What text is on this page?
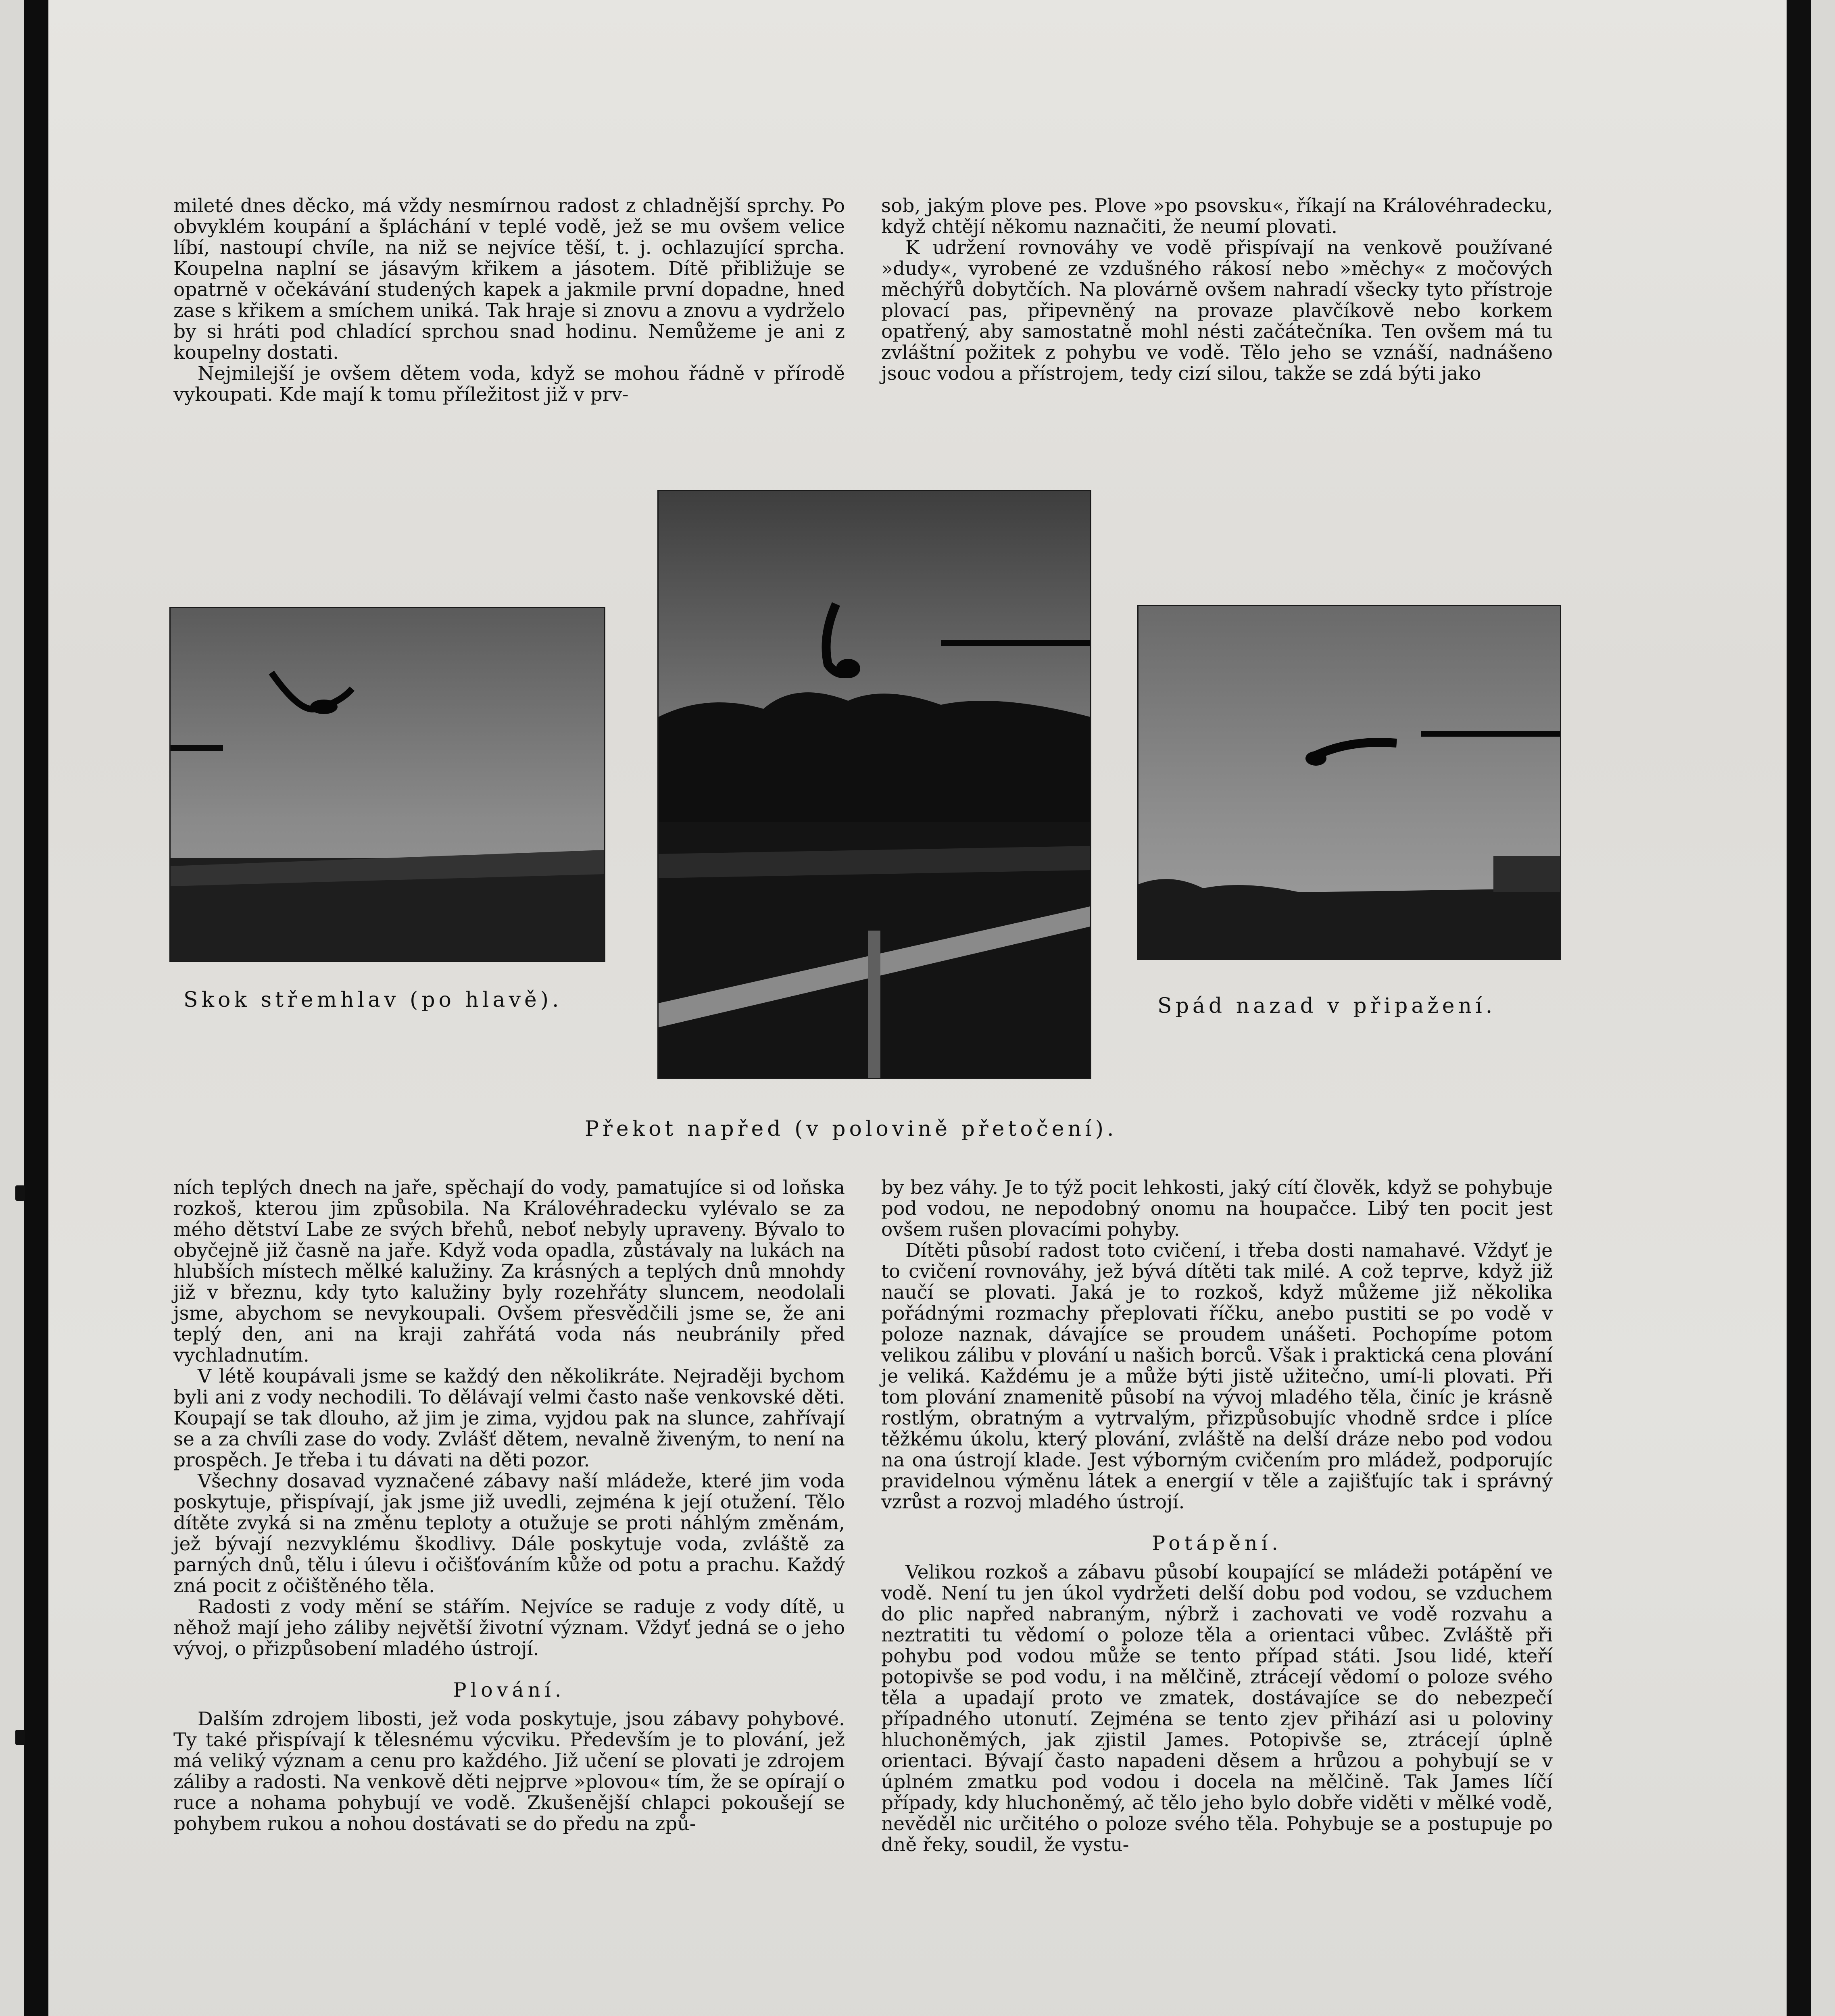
mileté dnes děcko, má vždy nesmírnou radost z chladnější sprchy. Po obvyklém koupání a špláchání v teplé vodě, jež se mu ovšem velice líbí, nastoupí chvíle, na niž se nejvíce těší, t. j. ochlazující sprcha. Koupelna naplní se jásavým křikem a jásotem. Dítě přibližuje se opatrně v očekávání studených kapek a jakmile první dopadne, hned zase s křikem a smíchem uniká. Tak hraje si znovu a znovu a vydrželo by si hráti pod chladící sprchou snad hodinu. Nemůžeme je ani z koupelny dostati.

Nejmilejší je ovšem dětem voda, když se mohou řádně v přírodě vykoupati. Kde mají k tomu příležitost již v prv-

sob, jakým plove pes. Plove »po psovsku«, říkají na Královéhradecku, když chtějí někomu naznačiti, že neumí plovati.

K udržení rovnováhy ve vodě přispívají na venkově používané »dudy«, vyrobené ze vzdušného rákosí nebo »měchy« z močových měchýřů dobytčích. Na plovárně ovšem nahradí všecky tyto přístroje plovací pas, připevněný na provaze plavčíkově nebo korkem opatřený, aby samostatně mohl nésti začátečníka. Ten ovšem má tu zvláštní požitek z pohybu ve vodě. Tělo jeho se vznáší, nadnášeno jsouc vodou a přístrojem, tedy cizí silou, takže se zdá býti jako

Skok střemhlav (po hlavě).	Spád nazad v připažení.
Překot napřed (v polovině přetočení).

ních teplých dnech na jaře, spěchají do vody, pamatujíce si od loňska rozkoš, kterou jim způsobila. Na Královéhradecku vylévalo se za mého dětství Labe ze svých břehů, neboť nebyly upraveny. Bývalo to obyčejně již časně na jaře. Když voda opadla, zůstávaly na lukách na hlubších místech mělké kalužiny. Za krásných a teplých dnů mnohdy již v březnu, kdy tyto kalužiny byly rozehřáty sluncem, neodolali jsme, abychom se nevykoupali. Ovšem přesvědčili jsme se, že ani teplý den, ani na kraji zahřátá voda nás neubránily před vychladnutím.

V létě koupávali jsme se každý den několikráte. Nejraději bychom byli ani z vody nechodili. To dělávají velmi často naše venkovské děti. Koupají se tak dlouho, až jim je zima, vyjdou pak na slunce, zahřívají se a za chvíli zase do vody. Zvlášť dětem, nevalně živeným, to není na prospěch. Je třeba i tu dávati na děti pozor.

Všechny dosavad vyznačené zábavy naší mládeže, které jim voda poskytuje, přispívají, jak jsme již uvedli, zejména k její otužení. Tělo dítěte zvyká si na změnu teploty a otužuje se proti náhlým změnám, jež bývají nezvyklému škodlivy. Dále poskytuje voda, zvláště za parných dnů, tělu i úlevu i očišťováním kůže od potu a prachu. Každý zná pocit z očištěného těla.

Radosti z vody mění se stářím. Nejvíce se raduje z vody dítě, u něhož mají jeho záliby největší životní význam. Vždyť jedná se o jeho vývoj, o přizpůsobení mladého ústrojí.

Plování.

Dalším zdrojem libosti, jež voda poskytuje, jsou zábavy pohybové. Ty také přispívají k tělesnému výcviku. Především je to plování, jež má veliký význam a cenu pro každého. Již učení se plovati je zdrojem záliby a radosti. Na venkově děti nejprve »plovou« tím, že se opírají o ruce a nohama pohybují ve vodě. Zkušenější chlapci pokoušejí se pohybem rukou a nohou dostávati se do předu na způ-

by bez váhy. Je to týž pocit lehkosti, jaký cítí člověk, když se pohybuje pod vodou, ne nepodobný onomu na houpačce. Libý ten pocit jest ovšem rušen plovacími pohyby.

Dítěti působí radost toto cvičení, i třeba dosti namahavé. Vždyť je to cvičení rovnováhy, jež bývá dítěti tak milé. A což teprve, když již naučí se plovati. Jaká je to rozkoš, když můžeme již několika pořádnými rozmachy přeplovati říčku, anebo pustiti se po vodě v poloze naznak, dávajíce se proudem unášeti. Pochopíme potom velikou zálibu v plování u našich borců. Však i praktická cena plování je veliká. Každému je a může býti jistě užitečno, umí-li plovati. Při tom plování znamenitě působí na vývoj mladého těla, činíc je krásně rostlým, obratným a vytrvalým, přizpůsobujíc vhodně srdce i plíce těžkému úkolu, který plování, zvláště na delší dráze nebo pod vodou na ona ústrojí klade. Jest výborným cvičením pro mládež, podporujíc pravidelnou výměnu látek a energií v těle a zajišťujíc tak i správný vzrůst a rozvoj mladého ústrojí.

Potápění.

Velikou rozkoš a zábavu působí koupající se mládeži potápění ve vodě. Není tu jen úkol vydržeti delší dobu pod vodou, se vzduchem do plic napřed nabraným, nýbrž i zachovati ve vodě rozvahu a neztratiti tu vědomí o poloze těla a orientaci vůbec. Zvláště při pohybu pod vodou může se tento případ státi. Jsou lidé, kteří potopivše se pod vodu, i na mělčině, ztrácejí vědomí o poloze svého těla a upadají proto ve zmatek, dostávajíce se do nebezpečí případného utonutí. Zejména se tento zjev přihází asi u poloviny hluchoněmých, jak zjistil James. Potopivše se, ztrácejí úplně orientaci. Bývají často napadeni děsem a hrůzou a pohybují se v úplném zmatku pod vodou i docela na mělčině. Tak James líčí případy, kdy hluchoněmý, ač tělo jeho bylo dobře viděti v mělké vodě, nevěděl nic určitého o poloze svého těla. Pohybuje se a postupuje po dně řeky, soudil, že vystu-
